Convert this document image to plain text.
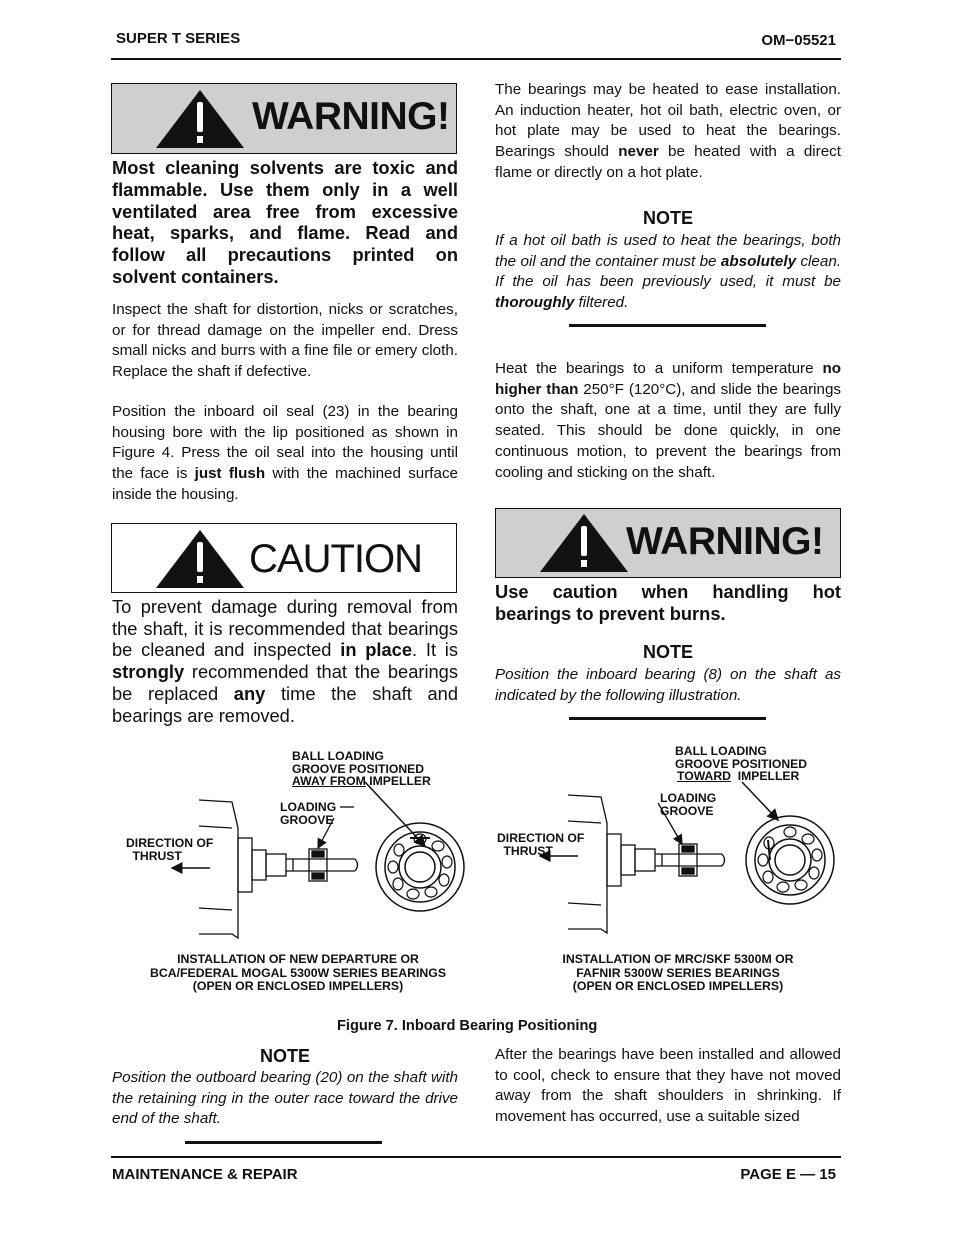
SUPER T SERIES	OM−05521
WARNING!
Most cleaning solvents are toxic and flammable. Use them only in a well ventilated area free from excessive heat, sparks, and flame. Read and follow all precautions printed on solvent containers.
Inspect the shaft for distortion, nicks or scratches, or for thread damage on the impeller end. Dress small nicks and burrs with a fine file or emery cloth. Replace the shaft if defective.
Position the inboard oil seal (23) in the bearing housing bore with the lip positioned as shown in Figure 4. Press the oil seal into the housing until the face is just flush with the machined surface inside the housing.
CAUTION
To prevent damage during removal from the shaft, it is recommended that bearings be cleaned and inspected in place. It is strongly recommended that the bearings be replaced any time the shaft and bearings are removed.
The bearings may be heated to ease installation. An induction heater, hot oil bath, electric oven, or hot plate may be used to heat the bearings. Bearings should never be heated with a direct flame or directly on a hot plate.
NOTE
If a hot oil bath is used to heat the bearings, both the oil and the container must be absolutely clean. If the oil has been previously used, it must be thoroughly filtered.
Heat the bearings to a uniform temperature no higher than 250°F (120°C), and slide the bearings onto the shaft, one at a time, until they are fully seated. This should be done quickly, in one continuous motion, to prevent the bearings from cooling and sticking on the shaft.
WARNING!
Use caution when handling hot bearings to prevent burns.
NOTE
Position the inboard bearing (8) on the shaft as indicated by the following illustration.
BALL LOADING
GROOVE POSITIONED
AWAY FROM IMPELLER
LOADING
GROOVE
DIRECTION OF
THRUST
INSTALLATION OF NEW DEPARTURE OR
BCA/FEDERAL MOGAL 5300W SERIES BEARINGS
(OPEN OR ENCLOSED IMPELLERS)
BALL LOADING
GROOVE POSITIONED
TOWARD  IMPELLER
LOADING
GROOVE
DIRECTION OF
THRUST
INSTALLATION OF MRC/SKF 5300M OR
FAFNIR 5300W SERIES BEARINGS
(OPEN OR ENCLOSED IMPELLERS)
Figure 7. Inboard Bearing Positioning
NOTE
Position the outboard bearing (20) on the shaft with the retaining ring in the outer race toward the drive end of the shaft.
After the bearings have been installed and allowed to cool, check to ensure that they have not moved away from the shaft shoulders in shrinking. If movement has occurred, use a suitable sized
MAINTENANCE & REPAIR	PAGE E — 15
